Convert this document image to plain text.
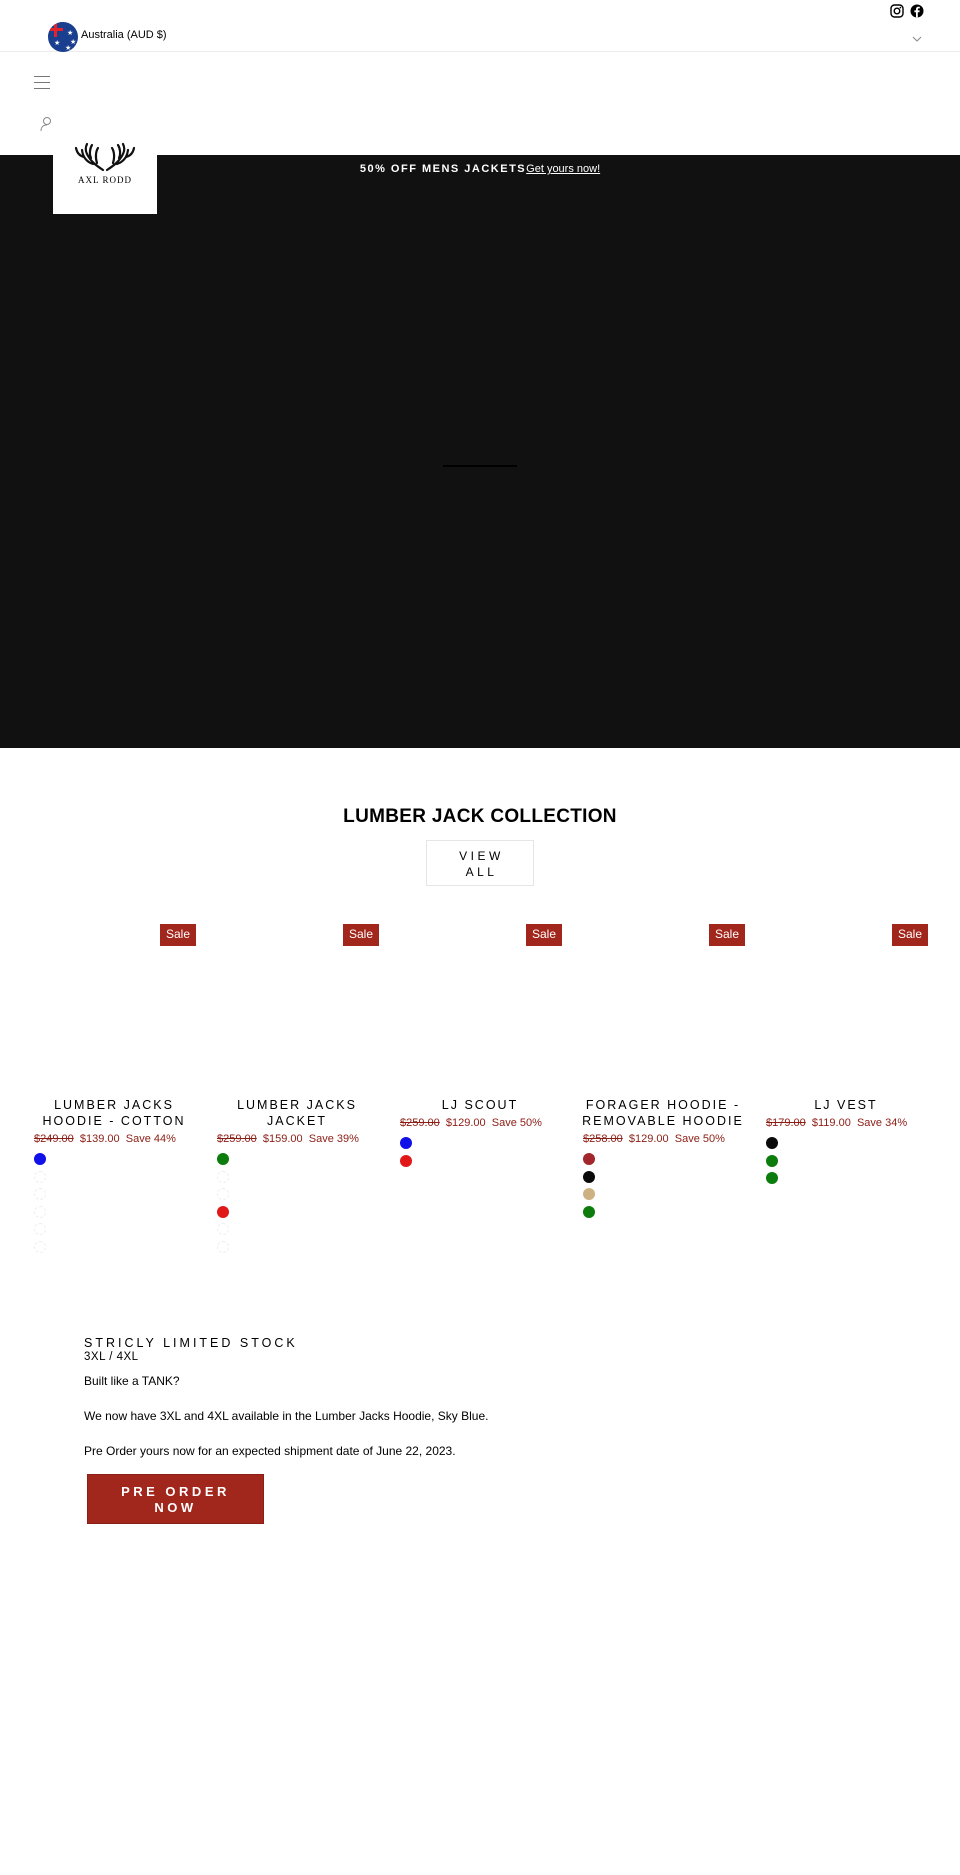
★
★
★
★
Australia (AUD $)
AXL RODD
50% OFF MENS JACKETSGet yours now!
LUMBER JACK COLLECTION
VIEW
ALL
Sale
LUMBER JACKS
HOODIE - COTTON
$249.00 $139.00 Save 44%
Sale
LUMBER JACKS
JACKET
$259.00 $159.00 Save 39%
Sale
LJ SCOUT
$259.00 $129.00 Save 50%
Sale
FORAGER HOODIE -
REMOVABLE HOODIE
$258.00 $129.00 Save 50%
Sale
LJ VEST
$179.00 $119.00 Save 34%
STRICLY LIMITED STOCK
3XL / 4XL
Built like a TANK?
We now have 3XL and 4XL available in the Lumber Jacks Hoodie, Sky Blue.
Pre Order yours now for an expected shipment date of June 22, 2023.
PRE ORDER
NOW
